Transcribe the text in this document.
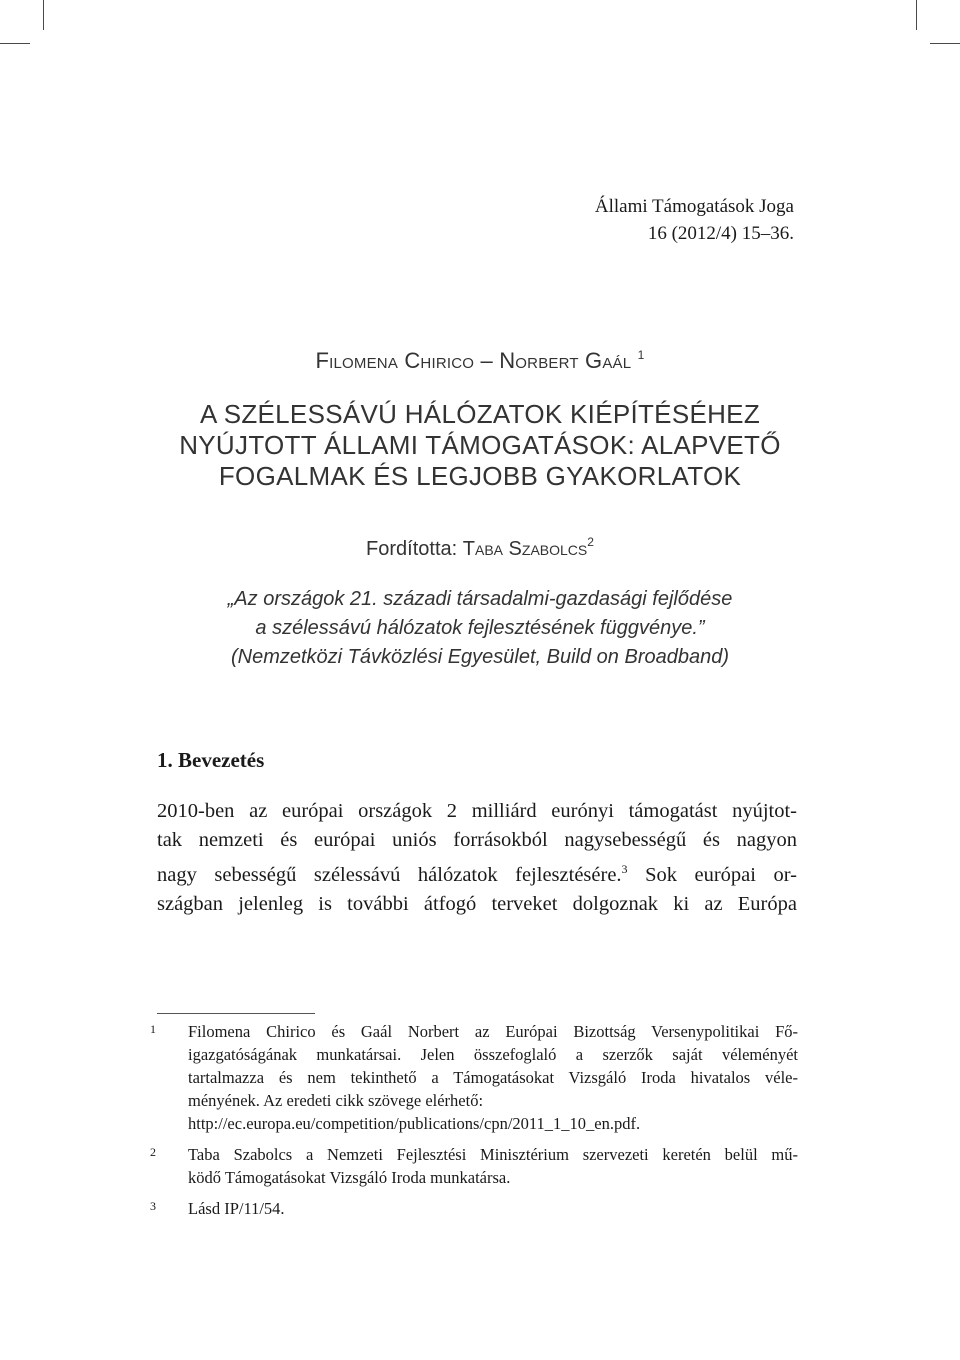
Állami Támogatások Joga
16 (2012/4) 15–36.
Filomena Chirico – Norbert Gaál $^1$
A SZÉLESSÁVÚ HÁLÓZATOK KIÉPÍTÉSÉHEZ
NYÚJTOTT ÁLLAMI TÁMOGATÁSOK: ALAPVETŐ
FOGALMAK ÉS LEGJOBB GYAKORLATOK
Fordította: Taba Szabolcs$^2$
„Az országok 21. századi társadalmi-gazdasági fejlődése
a szélessávú hálózatok fejlesztésének függvénye.”
(Nemzetközi Távközlési Egyesület, Build on Broadband)
1. Bevezetés
2010-ben az európai országok 2 milliárd eurónyi támogatást nyújtot-
tak nemzeti és európai uniós forrásokból nagysebességű és nagyon
nagy sebességű szélessávú hálózatok fejlesztésére.$^3$ Sok európai or-
szágban jelenleg is további átfogó terveket dolgoznak ki az Európa
1 Filomena Chirico és Gaál Norbert az Európai Bizottság Versenypolitikai Fő-
igazgatóságának munkatársai. Jelen összefoglaló a szerzők saját véleményét
tartalmazza és nem tekinthető a Támogatásokat Vizsgáló Iroda hivatalos véle-
ményének. Az eredeti cikk szövege elérhető:
http://ec.europa.eu/competition/publications/cpn/2011_1_10_en.pdf.
2 Taba Szabolcs a Nemzeti Fejlesztési Minisztérium szervezeti keretén belül mű-
ködő Támogatásokat Vizsgáló Iroda munkatársa.
3 Lásd IP/11/54.
